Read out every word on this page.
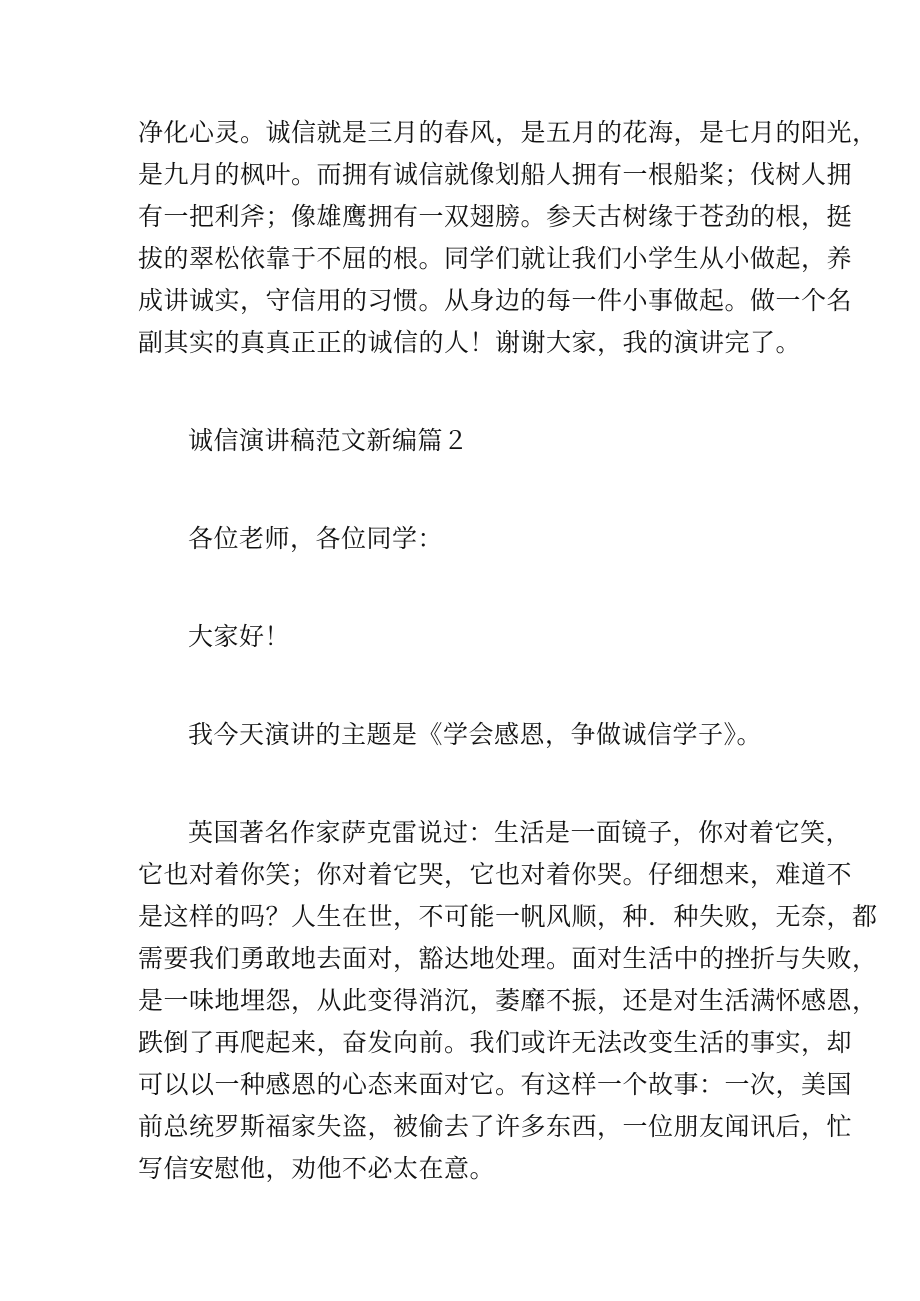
净化心灵。诚信就是三月的春风，是五月的花海，是七月的阳光，
是九月的枫叶。而拥有诚信就像划船人拥有一根船桨；伐树人拥
有一把利斧；像雄鹰拥有一双翅膀。参天古树缘于苍劲的根，挺
拔的翠松依靠于不屈的根。同学们就让我们小学生从小做起，养
成讲诚实，守信用的习惯。从身边的每一件小事做起。做一个名
副其实的真真正正的诚信的人！谢谢大家，我的演讲完了。

诚信演讲稿范文新编篇２

各位老师，各位同学：

大家好！

我今天演讲的主题是《学会感恩，争做诚信学子》。

英国著名作家萨克雷说过：生活是一面镜子，你对着它笑，
它也对着你笑；你对着它哭，它也对着你哭。仔细想来，难道不
是这样的吗？人生在世，不可能一帆风顺，种．种失败，无奈，都
需要我们勇敢地去面对，豁达地处理。面对生活中的挫折与失败，
是一味地埋怨，从此变得消沉，萎靡不振，还是对生活满怀感恩，
跌倒了再爬起来，奋发向前。我们或许无法改变生活的事实，却
可以以一种感恩的心态来面对它。有这样一个故事：一次，美国
前总统罗斯福家失盗，被偷去了许多东西，一位朋友闻讯后，忙
写信安慰他，劝他不必太在意。
